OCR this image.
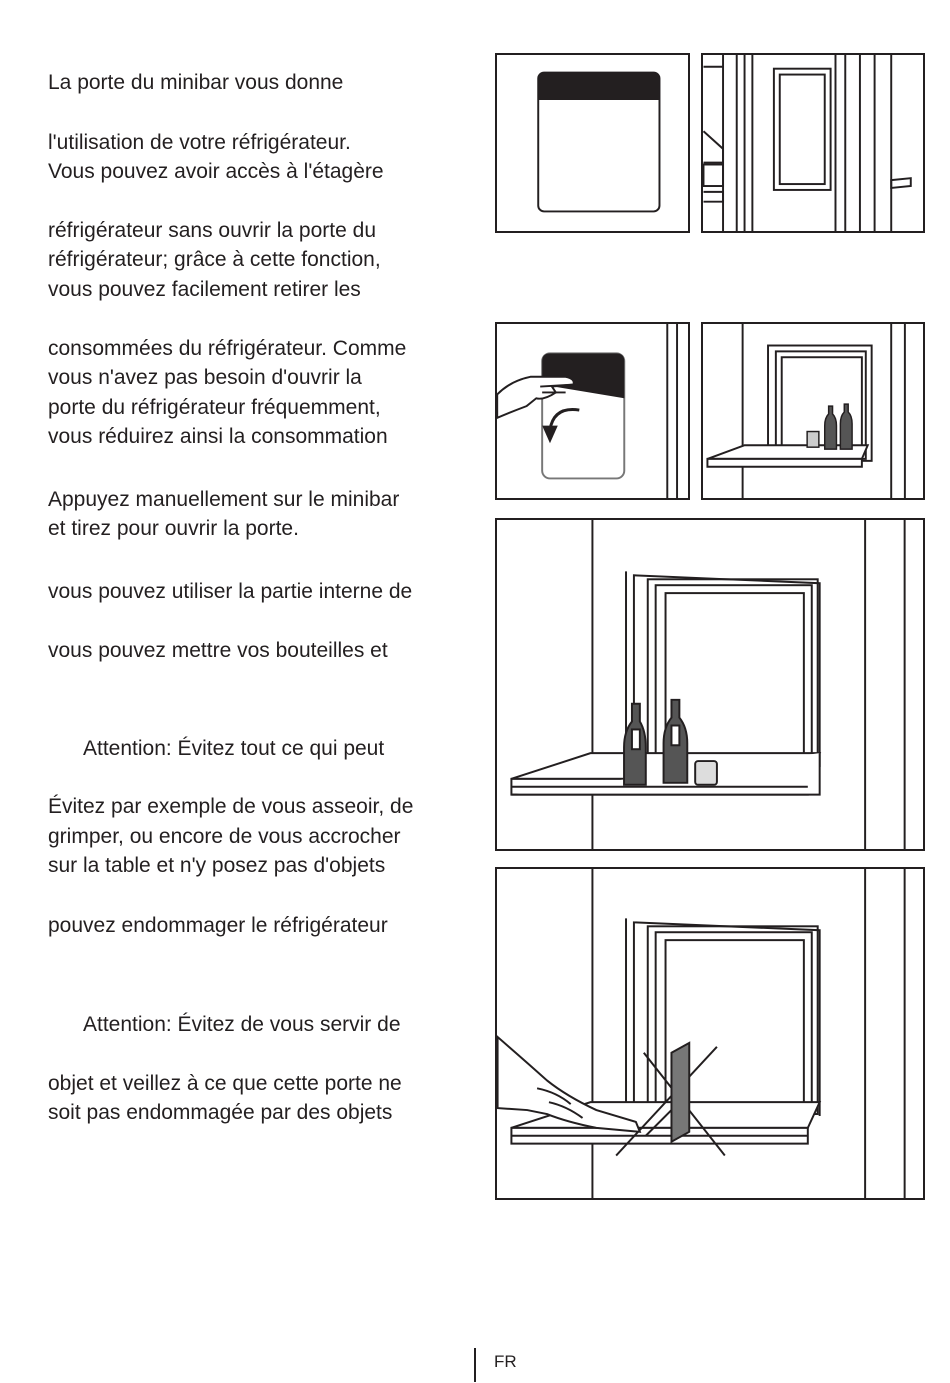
La porte du minibar vous donne
l'utilisation de votre réfrigérateur.
Vous pouvez avoir accès à l'étagère
réfrigérateur sans ouvrir la porte du
réfrigérateur; grâce à cette fonction,
vous pouvez facilement retirer les
consommées du réfrigérateur. Comme
vous n'avez pas besoin d'ouvrir la
porte du réfrigérateur fréquemment,
vous réduirez ainsi la consommation
Appuyez manuellement sur le minibar
et tirez pour ouvrir la porte.
vous pouvez utiliser la partie interne de
vous pouvez mettre vos bouteilles et
Attention: Évitez tout ce qui peut
Évitez par exemple de vous asseoir, de
grimper, ou encore de vous accrocher
sur la table et n'y posez pas d'objets
pouvez endommager le réfrigérateur
Attention: Évitez de vous servir de
objet et veillez à ce que cette porte ne
soit pas endommagée par des objets
FR
